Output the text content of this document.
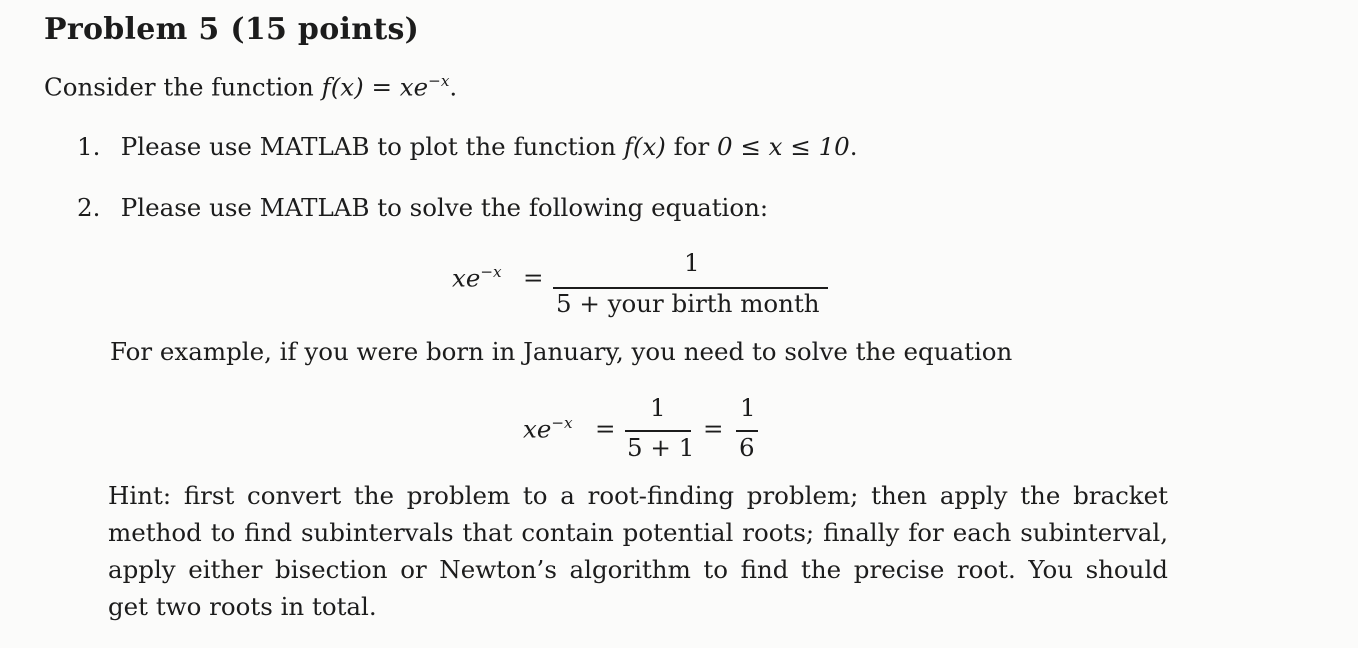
Problem 5 (15 points)
Consider the function $f(x) = xe^{-x}$.
1. Please use MATLAB to plot the function f(x) for 0 ≤ x ≤ 10.
2. Please use MATLAB to solve the following equation:
$xe^{-x}$ =
1
5 + your birth month
For example, if you were born in January, you need to solve the equation
$xe^{-x}$ =
1
5 + 1
=
1
6
Hint: first convert the problem to a root-finding problem; then apply the bracket
method to find subintervals that contain potential roots; finally for each subinterval,
apply either bisection or Newton’s algorithm to find the precise root. You should
get two roots in total.
